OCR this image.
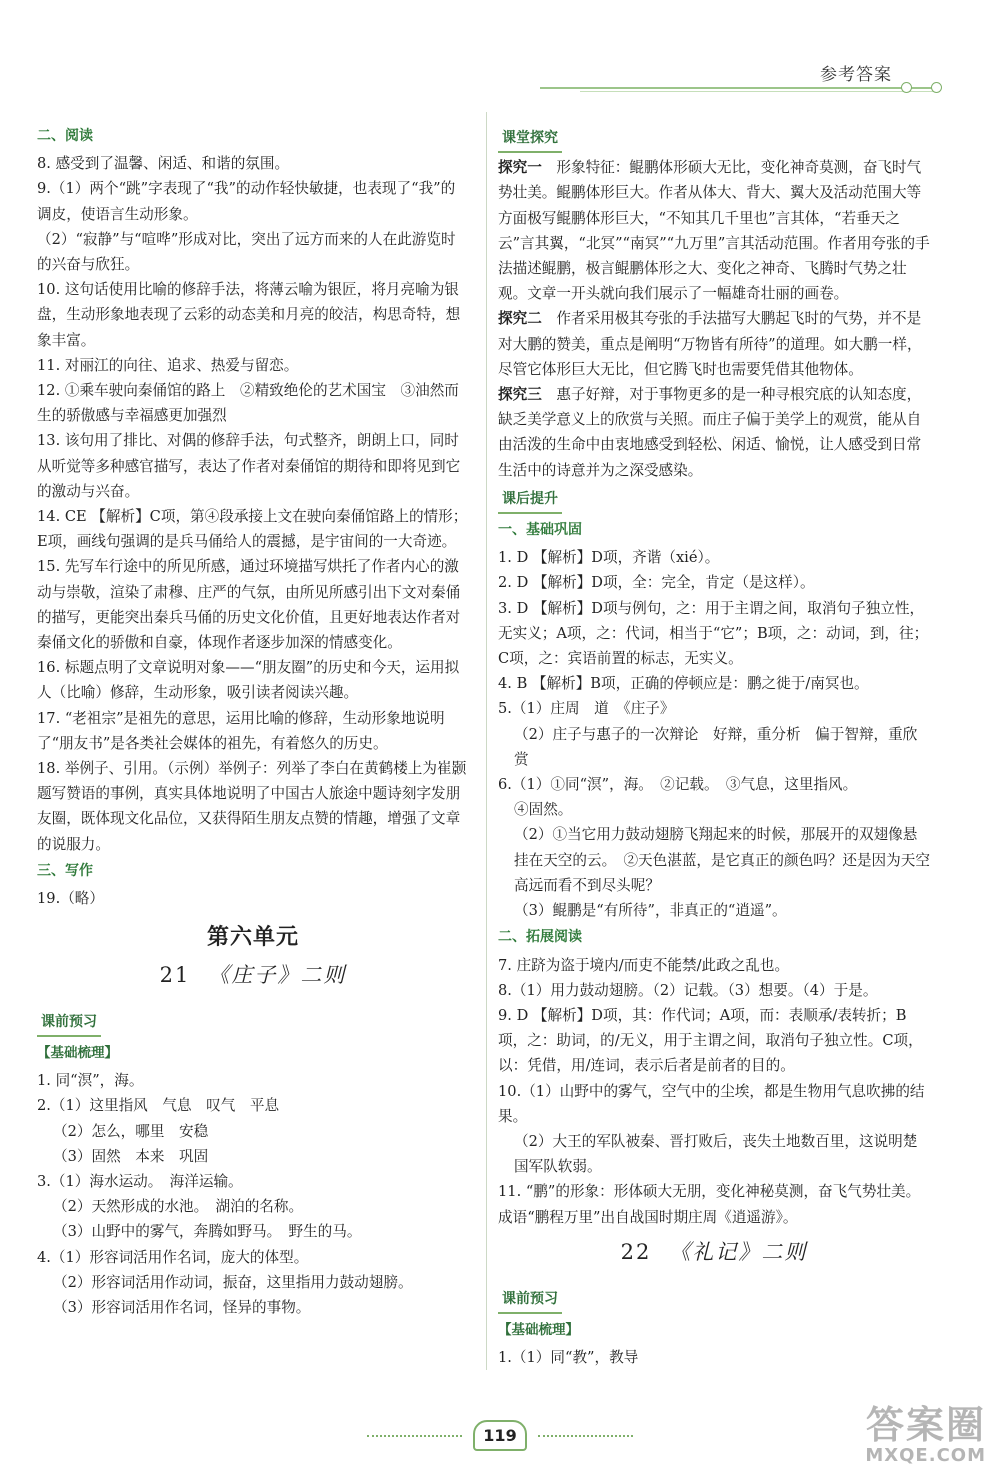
参考答案
二、阅读

8. 感受到了温馨、闲适、和谐的氛围。

9.（1）两个“跳”字表现了“我”的动作轻快敏捷，也表现了“我”的调皮，使语言生动形象。

（2）“寂静”与“喧哗”形成对比，突出了远方而来的人在此游览时的兴奋与欣狂。

10. 这句话使用比喻的修辞手法，将薄云喻为银匠，将月亮喻为银盘，生动形象地表现了云彩的动态美和月亮的皎洁，构思奇特，想象丰富。

11. 对丽江的向往、追求、热爱与留恋。

12. ①乘车驶向秦俑馆的路上　②精致绝伦的艺术国宝　③油然而生的骄傲感与幸福感更加强烈

13. 该句用了排比、对偶的修辞手法，句式整齐，朗朗上口，同时从听觉等多种感官描写，表达了作者对秦俑馆的期待和即将见到它的激动与兴奋。

14. CE 【解析】C项，第④段承接上文在驶向秦俑馆路上的情形；E项，画线句强调的是兵马俑给人的震撼，是宇宙间的一大奇迹。

15. 先写车行途中的所见所感，通过环境描写烘托了作者内心的激动与崇敬，渲染了肃穆、庄严的气氛，由所见所感引出下文对秦俑的描写，更能突出秦兵马俑的历史文化价值，且更好地表达作者对秦俑文化的骄傲和自豪，体现作者逐步加深的情感变化。

16. 标题点明了文章说明对象——“朋友圈”的历史和今天，运用拟人（比喻）修辞，生动形象，吸引读者阅读兴趣。

17. “老祖宗”是祖先的意思，运用比喻的修辞，生动形象地说明了“朋友书”是各类社会媒体的祖先，有着悠久的历史。

18. 举例子、引用。（示例）举例子：列举了李白在黄鹤楼上为崔颢题写赞语的事例，真实具体地说明了中国古人旅途中题诗刻字发朋友圈，既体现文化品位，又获得陌生朋友点赞的情趣，增强了文章的说服力。

三、写作

19.（略）

第六单元
21 《庄子》二则
课前预习
【基础梳理】

1. 同“溟”，海。

2.（1）这里指风　气息　叹气　平息

（2）怎么，哪里　安稳

（3）固然　本来　巩固

3.（1）海水运动。　海洋运输。

（2）天然形成的水池。　湖泊的名称。

（3）山野中的雾气，奔腾如野马。　野生的马。

4.（1）形容词活用作名词，庞大的体型。

（2）形容词活用作动词，振奋，这里指用力鼓动翅膀。

（3）形容词活用作名词，怪异的事物。

课堂探究

探究一　形象特征：鲲鹏体形硕大无比，变化神奇莫测，奋飞时气势壮美。鲲鹏体形巨大。作者从体大、背大、翼大及活动范围大等方面极写鲲鹏体形巨大，“不知其几千里也”言其体，“若垂天之云”言其翼，“北冥”“南冥”“九万里”言其活动范围。作者用夸张的手法描述鲲鹏，极言鲲鹏体形之大、变化之神奇、飞腾时气势之壮观。文章一开头就向我们展示了一幅雄奇壮丽的画卷。

探究二　作者采用极其夸张的手法描写大鹏起飞时的气势，并不是对大鹏的赞美，重点是阐明“万物皆有所待”的道理。如大鹏一样，尽管它体形巨大无比，但它腾飞时也需要凭借其他物体。

探究三　惠子好辩，对于事物更多的是一种寻根究底的认知态度，缺乏美学意义上的欣赏与关照。而庄子偏于美学上的观赏，能从自由活泼的生命中由衷地感受到轻松、闲适、愉悦，让人感受到日常生活中的诗意并为之深受感染。

课后提升
一、基础巩固

1. D 【解析】D项，齐谐（xié）。

2. D 【解析】D项，全：完全，肯定（是这样）。

3. D 【解析】D项与例句，之：用于主谓之间，取消句子独立性，无实义；A项，之：代词，相当于“它”；B项，之：动词，到，往；C项，之：宾语前置的标志，无实义。

4. B 【解析】B项，正确的停顿应是：鹏之徙于/南冥也。

5.（1）庄周　道　《庄子》

（2）庄子与惠子的一次辩论　好辩，重分析　偏于智辩，重欣赏

6.（1）①同“溟”，海。　②记载。　③气息，这里指风。

④固然。

（2）①当它用力鼓动翅膀飞翔起来的时候，那展开的双翅像悬挂在天空的云。　②天色湛蓝，是它真正的颜色吗？还是因为天空高远而看不到尽头呢？

（3）鲲鹏是“有所待”，非真正的“逍遥”。

二、拓展阅读

7. 庄跻为盗于境内/而吏不能禁/此政之乱也。

8.（1）用力鼓动翅膀。（2）记载。（3）想要。（4）于是。

9. D 【解析】D项，其：作代词；A项，而：表顺承/表转折；B项，之：助词，的/无义，用于主谓之间，取消句子独立性。C项，以：凭借，用/连词，表示后者是前者的目的。

10.（1）山野中的雾气，空气中的尘埃，都是生物用气息吹拂的结果。

（2）大王的军队被秦、晋打败后，丧失土地数百里，这说明楚国军队软弱。

11. “鹏”的形象：形体硕大无朋，变化神秘莫测，奋飞气势壮美。成语“鹏程万里”出自战国时期庄周《逍遥游》。

22 《礼记》二则
课前预习
【基础梳理】

1.（1）同“教”，教导

119	答案圈
MXQE.COM
